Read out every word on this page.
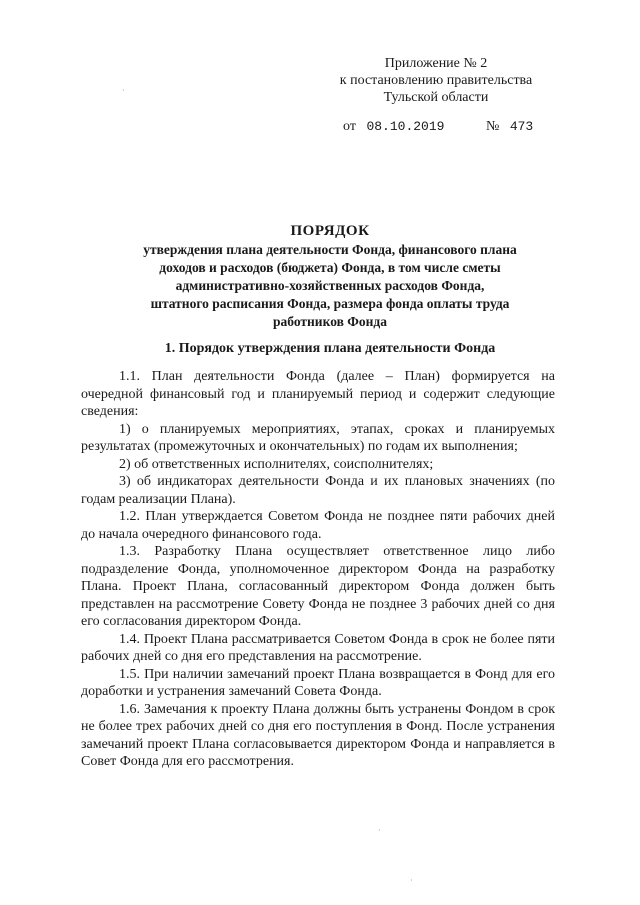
Приложение № 2
к постановлению правительства
Тульской области
от 08.10.2019	№ 473
ПОРЯДОК
утверждения плана деятельности Фонда, финансового плана
доходов и расходов (бюджета) Фонда, в том числе сметы
административно-хозяйственных расходов Фонда,
штатного расписания Фонда, размера фонда оплаты труда
работников Фонда
1. Порядок утверждения плана деятельности Фонда

1.1. План деятельности Фонда (далее – План) формируется на очередной финансовый год и планируемый период и содержит следующие сведения:

1) о планируемых мероприятиях, этапах, сроках и планируемых результатах (промежуточных и окончательных) по годам их выполнения;

2) об ответственных исполнителях, соисполнителях;

3) об индикаторах деятельности Фонда и их плановых значениях (по годам реализации Плана).

1.2. План утверждается Советом Фонда не позднее пяти рабочих дней до начала очередного финансового года.

1.3. Разработку Плана осуществляет ответственное лицо либо подразделение Фонда, уполномоченное директором Фонда на разработку Плана. Проект Плана, согласованный директором Фонда должен быть представлен на рассмотрение Совету Фонда не позднее 3 рабочих дней со дня его согласования директором Фонда.

1.4. Проект Плана рассматривается Советом Фонда в срок не более пяти рабочих дней со дня его представления на рассмотрение.

1.5. При наличии замечаний проект Плана возвращается в Фонд для его доработки и устранения замечаний Совета Фонда.

1.6. Замечания к проекту Плана должны быть устранены Фондом в срок не более трех рабочих дней со дня его поступления в Фонд. После устранения замечаний проект Плана согласовывается директором Фонда и направляется в Совет Фонда для его рассмотрения.

·
·
·
